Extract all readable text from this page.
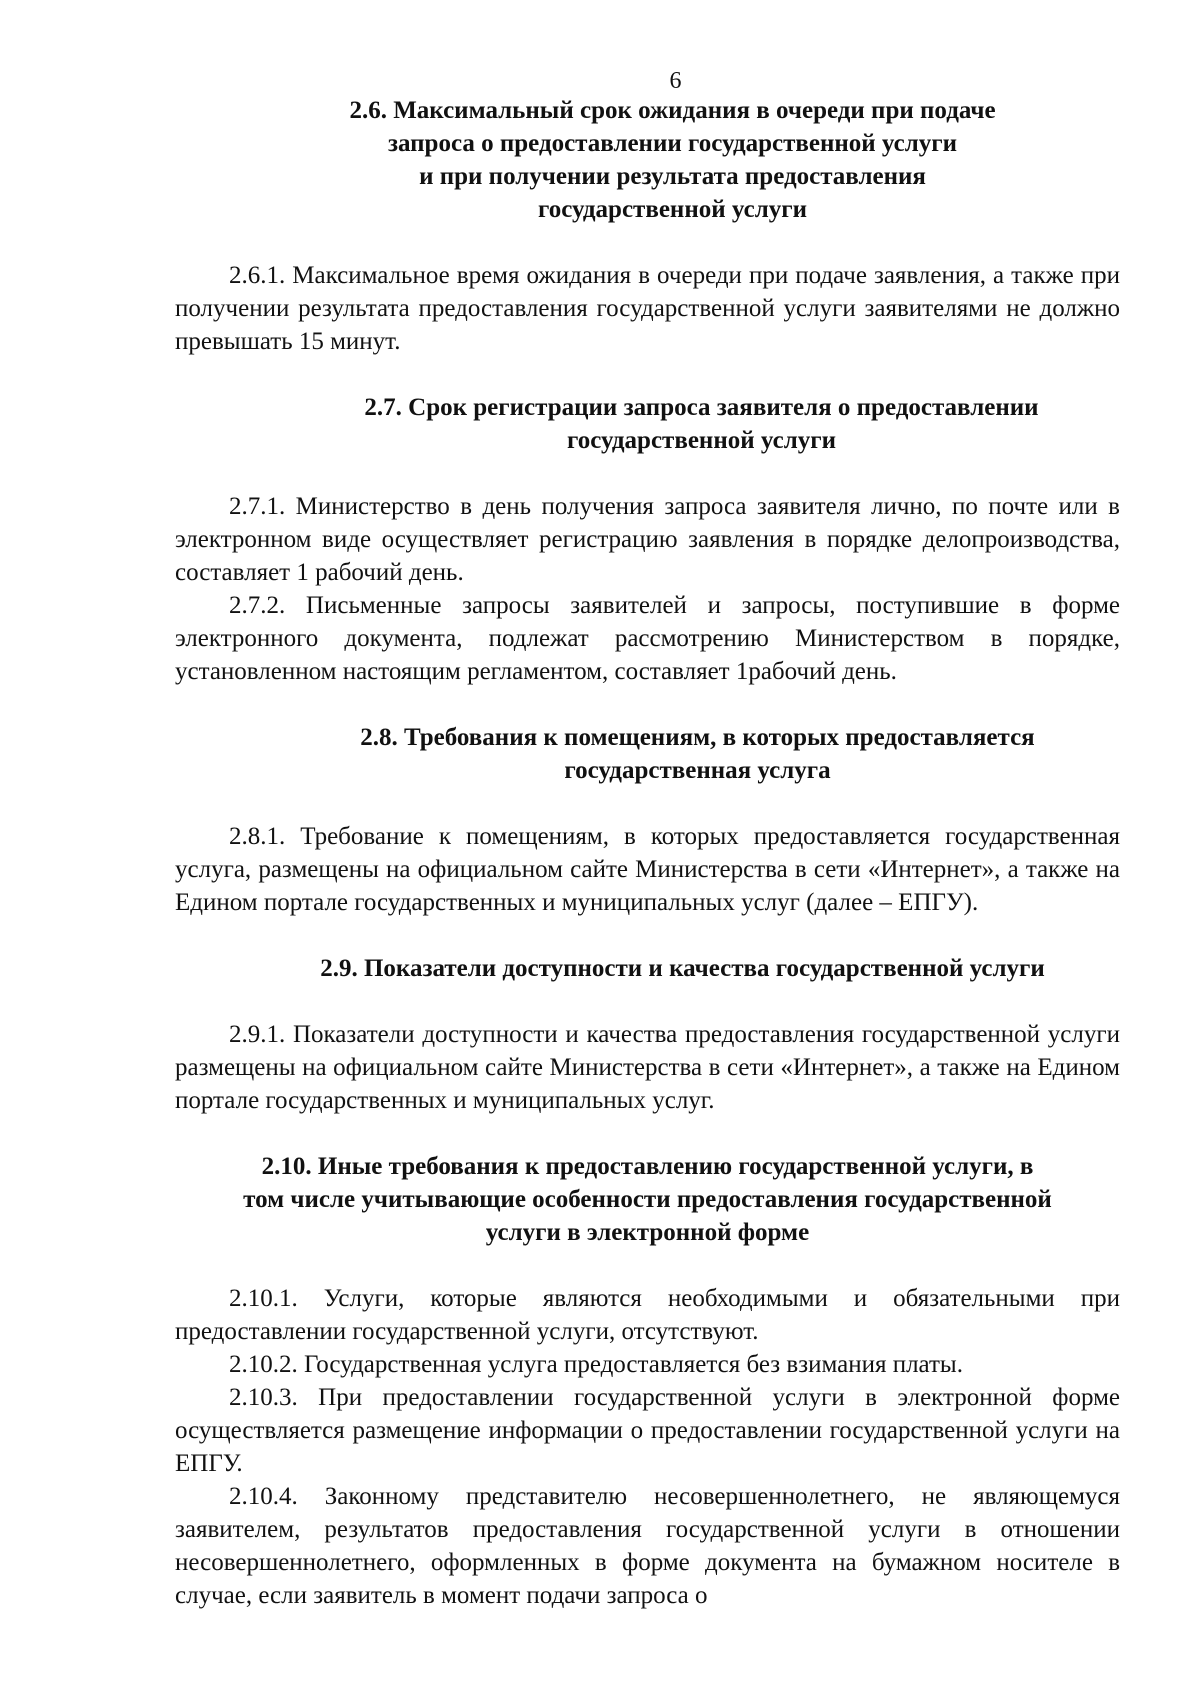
6
2.6. Максимальный срок ожидания в очереди при подаче
запроса о предоставлении государственной услуги
и при получении результата предоставления
государственной услуги

2.6.1. Максимальное время ожидания в очереди при подаче заявления, а также при получении результата предоставления государственной услуги заявителями не должно превышать 15 минут.

2.7. Срок регистрации запроса заявителя о предоставлении
государственной услуги

2.7.1. Министерство в день получения запроса заявителя лично, по почте или в электронном виде осуществляет регистрацию заявления в порядке делопроизводства, составляет 1 рабочий день.

2.7.2. Письменные запросы заявителей и запросы, поступившие в форме электронного документа, подлежат рассмотрению Министерством в порядке, установленном настоящим регламентом, составляет 1рабочий день.

2.8. Требования к помещениям, в которых предоставляется
государственная услуга

2.8.1. Требование к помещениям, в которых предоставляется государственная услуга, размещены на официальном сайте Министерства в сети «Интернет», а также на Едином портале государственных и муниципальных услуг (далее – ЕПГУ).

2.9. Показатели доступности и качества государственной услуги

2.9.1. Показатели доступности и качества предоставления государственной услуги размещены на официальном сайте Министерства в сети «Интернет», а также на Едином портале государственных и муниципальных услуг.

2.10. Иные требования к предоставлению государственной услуги, в
том числе учитывающие особенности предоставления государственной
услуги в электронной форме

2.10.1. Услуги, которые являются необходимыми и обязательными при предоставлении государственной услуги, отсутствуют.

2.10.2. Государственная услуга предоставляется без взимания платы.

2.10.3. При предоставлении государственной услуги в электронной форме осуществляется размещение информации о предоставлении государственной услуги на ЕПГУ.

2.10.4. Законному представителю несовершеннолетнего, не являющемуся заявителем, результатов предоставления государственной услуги в отношении несовершеннолетнего, оформленных в форме документа на бумажном носителе в случае, если заявитель в момент подачи запроса о
